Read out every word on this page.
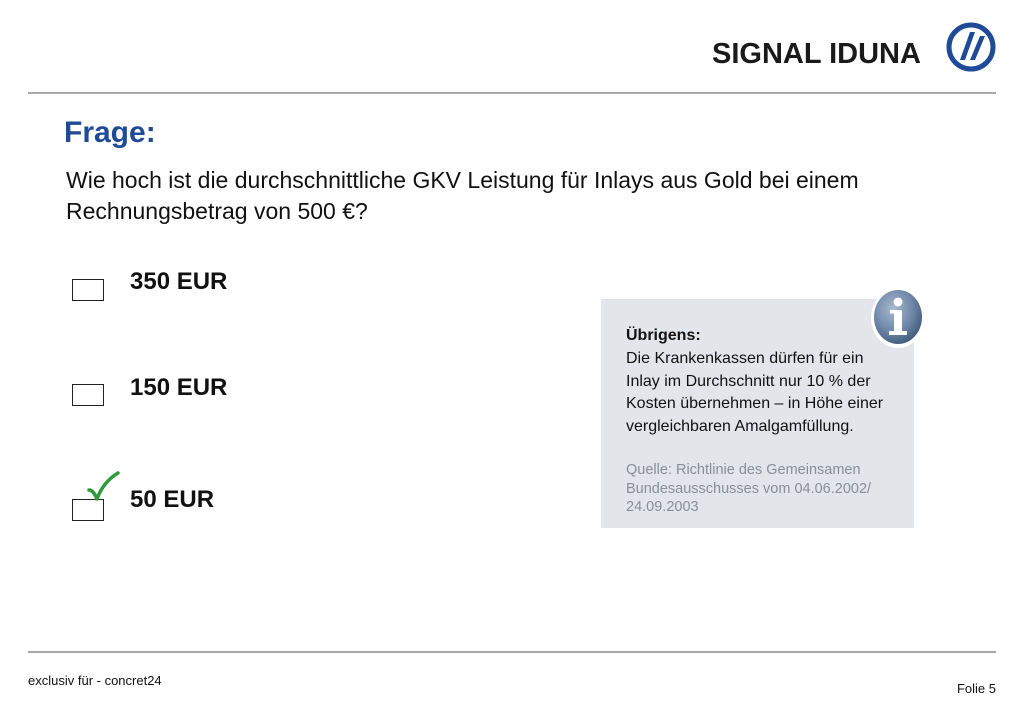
SIGNAL IDUNA
Frage:
Wie hoch ist die durchschnittliche GKV Leistung für Inlays aus Gold bei einem Rechnungsbetrag von 500 €?
350 EUR
150 EUR
50 EUR
Übrigens:
Die Krankenkassen dürfen für ein Inlay im Durchschnitt nur 10 % der Kosten übernehmen – in Höhe einer vergleichbaren Amalgamfüllung.
Quelle: Richtlinie des Gemeinsamen Bundesausschusses vom 04.06.2002/ 24.09.2003
exclusiv für - concret24
Folie 5
